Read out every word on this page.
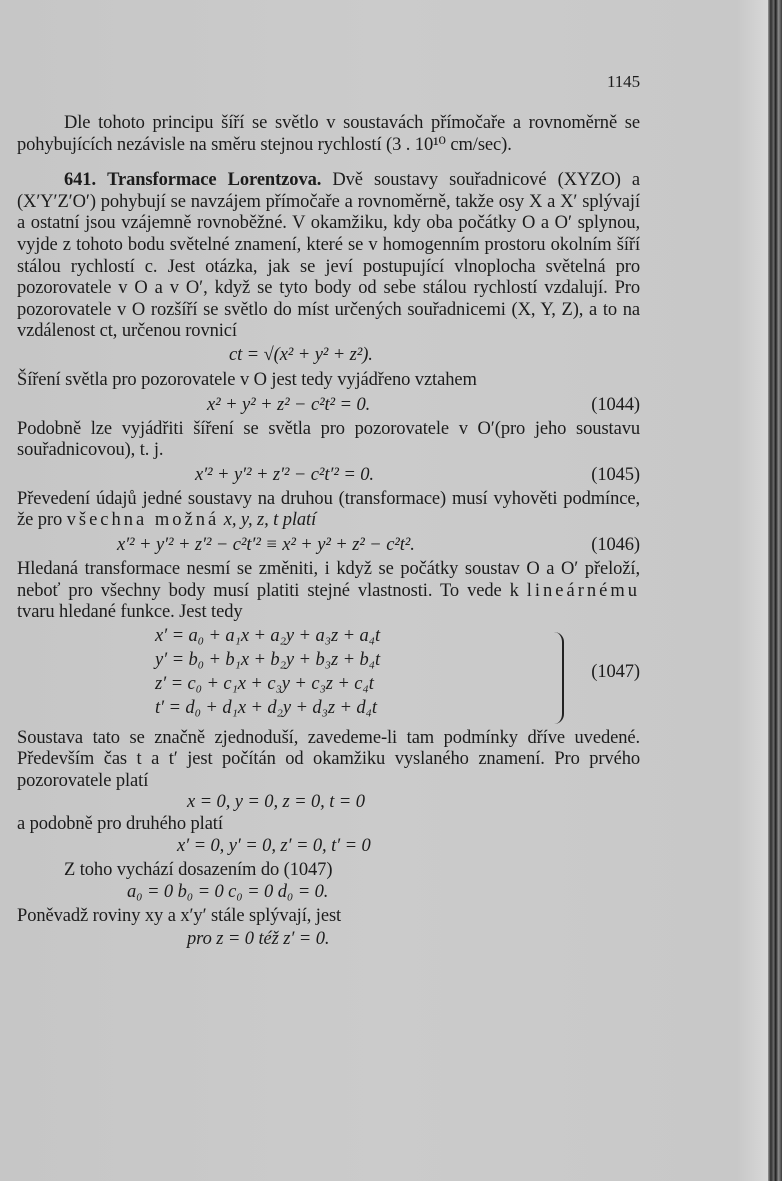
1145

Dle tohoto principu šíří se světlo v soustavách přímočaře a rovnoměrně se pohybujících nezávisle na směru stejnou rychlostí (3 . 10¹⁰ cm/sec).

641. Transformace Lorentzova. Dvě soustavy souřadnicové (XYZO) a (X′Y′Z′O′) pohybují se navzájem přímočaře a rovnoměrně, takže osy X a X′ splývají a ostatní jsou vzájemně rovnoběžné. V okamžiku, kdy oba počátky O a O′ splynou, vyjde z tohoto bodu světelné znamení, které se v homogenním prostoru okolním šíří stálou rychlostí c. Jest otázka, jak se jeví postupující vlnoplocha světelná pro pozorovatele v O a v O′, když se tyto body od sebe stálou rychlostí vzdalují. Pro pozorovatele v O rozšíří se světlo do míst určených souřadnicemi (X, Y, Z), a to na vzdálenost ct, určenou rovnicí

ct = √(x² + y² + z²).

Šíření světla pro pozorovatele v O jest tedy vyjádřeno vztahem

x² + y² + z² − c²t² = 0.	(1044)

Podobně lze vyjádřiti šíření se světla pro pozorovatele v O′(pro jeho soustavu souřadnicovou), t. j.

x′² + y′² + z′² − c²t′² = 0.	(1045)

Převedení údajů jedné soustavy na druhou (transformace) musí vyhověti podmínce, že pro všechna možná x, y, z, t platí

x′² + y′² + z′² − c²t′² ≡ x² + y² + z² − c²t².	(1046)

Hledaná transformace nesmí se změniti, i když se počátky soustav O a O′ přeloží, neboť pro všechny body musí platiti stejné vlastnosti. To vede k lineárnému tvaru hledané funkce. Jest tedy

x′ = a₀ + a₁x + a₂y + a₃z + a₄t
y′ = b₀ + b₁x + b₂y + b₃z + b₄t
z′ = c₀ + c₁x + c₃y + c₃z + c₄t
t′ = d₀ + d₁x + d₂y + d₃z + d₄t
(1047)

Soustava tato se značně zjednoduší, zavedeme-li tam podmínky dříve uvedené. Především čas t a t′ jest počítán od okamžiku vyslaného znamení. Pro prvého pozorovatele platí

x = 0, y = 0, z = 0, t = 0

a podobně pro druhého platí

x′ = 0, y′ = 0, z′ = 0, t′ = 0

Z toho vychází dosazením do (1047)

a₀ = 0 b₀ = 0 c₀ = 0 d₀ = 0.

Poněvadž roviny xy a x′y′ stále splývají, jest

pro z = 0 též z′ = 0.
